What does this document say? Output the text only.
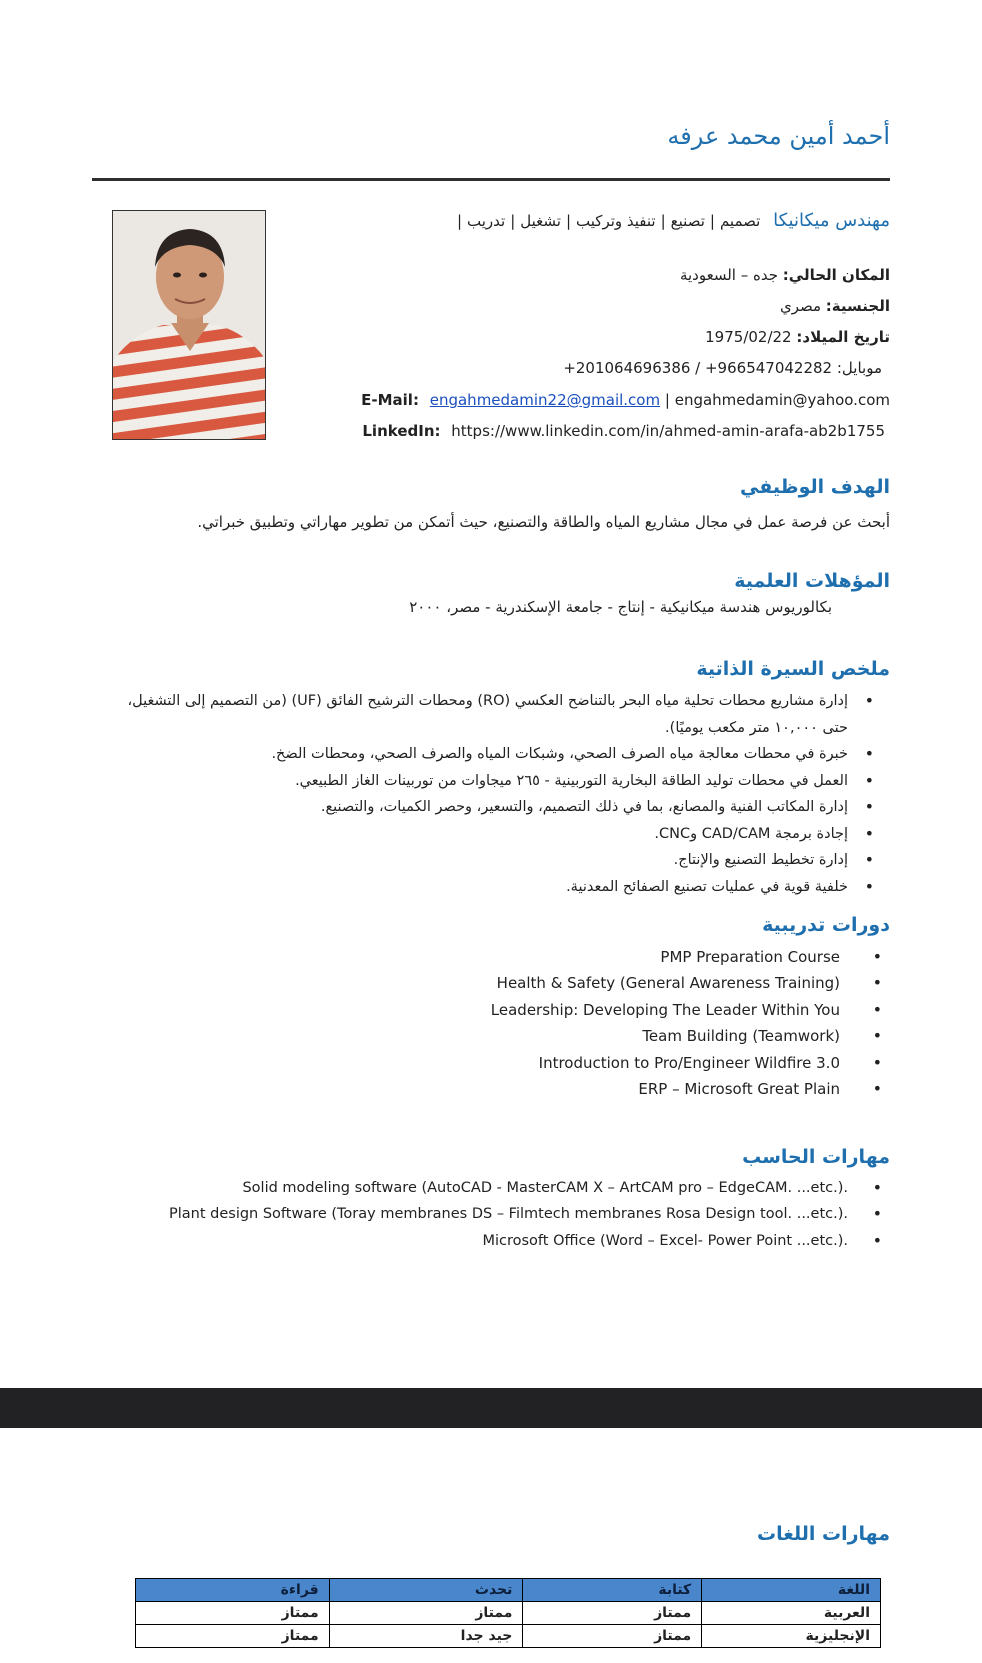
أحمد أمين محمد عرفه
مهندس ميكانيكا تصميم|تصنيع|تنفيذ وتركيب|تشغيل|تدريب|
المكان الحالي: جده – السعودية
الجنسية: مصري
تاريخ الميلاد: 1975/02/22
موبايل: +201064696386 / +966547042282
E-Mail: engahmedamin22@gmail.com | engahmedamin@yahoo.com
LinkedIn: https://www.linkedin.com/in/ahmed-amin-arafa-ab2b1755
الهدف الوظيفي
أبحث عن فرصة عمل في مجال مشاريع المياه والطاقة والتصنيع، حيث أتمكن من تطوير مهاراتي وتطبيق خبراتي.
المؤهلات العلمية
بكالوريوس هندسة ميكانيكية - إنتاج - جامعة الإسكندرية - مصر، ٢٠٠٠
ملخص السيرة الذاتية
• إدارة مشاريع محطات تحلية مياه البحر بالتناضح العكسي (RO) ومحطات الترشيح الفائق (UF) (من التصميم إلى التشغيل، حتى ١٠,٠٠٠ متر مكعب يوميًا).
• خبرة في محطات معالجة مياه الصرف الصحي، وشبكات المياه والصرف الصحي، ومحطات الضخ.
• العمل في محطات توليد الطاقة البخارية التوربينية - ٢٦٥ ميجاوات من توربينات الغاز الطبيعي.
• إدارة المكاتب الفنية والمصانع، بما في ذلك التصميم، والتسعير، وحصر الكميات، والتصنيع.
• إجادة برمجة CAD/CAM وCNC.
• إدارة تخطيط التصنيع والإنتاج.
• خلفية قوية في عمليات تصنيع الصفائح المعدنية.
دورات تدريبية
PMP Preparation Course •
Health & Safety (General Awareness Training) •
Leadership: Developing The Leader Within You •
Team Building (Teamwork) •
Introduction to Pro/Engineer Wildfire 3.0 •
ERP – Microsoft Great Plain •
مهارات الحاسب
Solid modeling software (AutoCAD - MasterCAM X – ArtCAM pro – EdgeCAM. ...etc.). •
Plant design Software (Toray membranes DS – Filmtech membranes Rosa Design tool. ...etc.). •
Microsoft Office (Word – Excel- Power Point ...etc.). •
مهارات اللغات
اللغة	كتابة	تحدث	قراءة
العربية	ممتاز	ممتاز	ممتاز
الإنجليزية	ممتاز	جيد جدا	ممتاز
